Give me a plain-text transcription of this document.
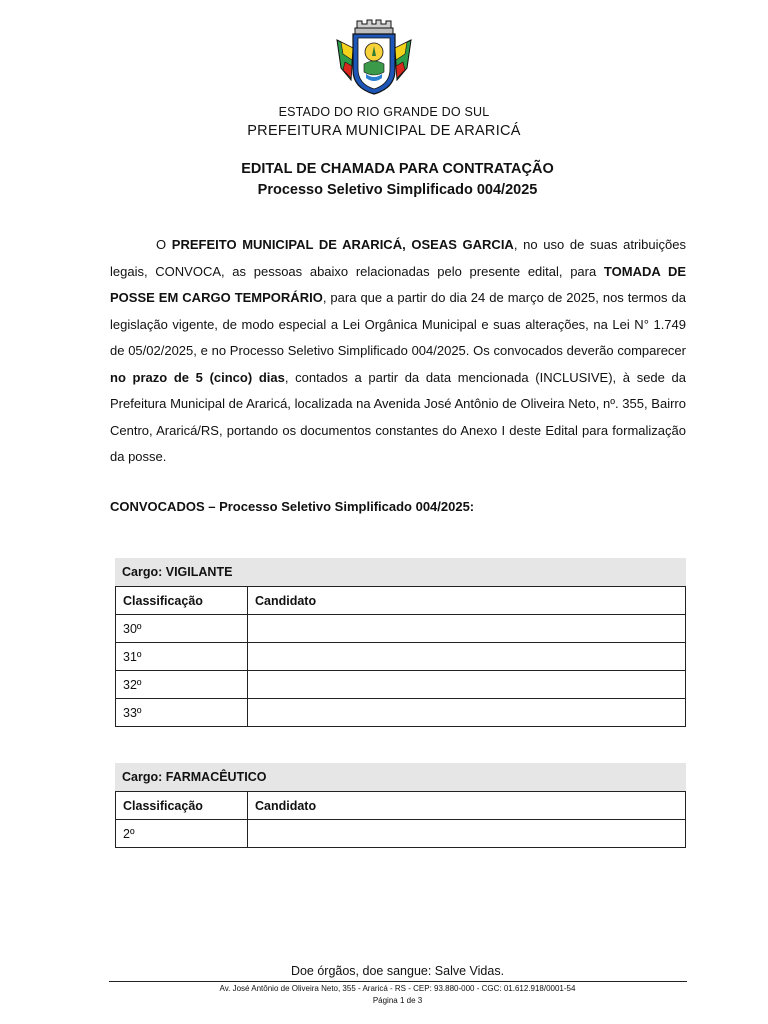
ESTADO DO RIO GRANDE DO SUL
PREFEITURA MUNICIPAL DE ARARICÁ
EDITAL DE CHAMADA PARA CONTRATAÇÃO
Processo Seletivo Simplificado 004/2025

O PREFEITO MUNICIPAL DE ARARICÁ, OSEAS GARCIA, no uso de suas atribuições legais, CONVOCA, as pessoas abaixo relacionadas pelo presente edital, para TOMADA DE POSSE EM CARGO TEMPORÁRIO, para que a partir do dia 24 de março de 2025, nos termos da legislação vigente, de modo especial a Lei Orgânica Municipal e suas alterações, na Lei N° 1.749 de 05/02/2025, e no Processo Seletivo Simplificado 004/2025. Os convocados deverão comparecer no prazo de 5 (cinco) dias, contados a partir da data mencionada (INCLUSIVE), à sede da Prefeitura Municipal de Araricá, localizada na Avenida José Antônio de Oliveira Neto, nº. 355, Bairro Centro, Araricá/RS, portando os documentos constantes do Anexo I deste Edital para formalização da posse.

CONVOCADOS – Processo Seletivo Simplificado 004/2025:
Cargo: VIGILANTE
Classificação	Candidato
30º	
31º	
32º	
33º	
Cargo: FARMACÊUTICO
Classificação	Candidato
2º	
Doe órgãos, doe sangue: Salve Vidas.
Av. José Antônio de Oliveira Neto, 355 - Araricá - RS - CEP: 93.880-000 - CGC: 01.612.918/0001-54
Página 1 de 3
